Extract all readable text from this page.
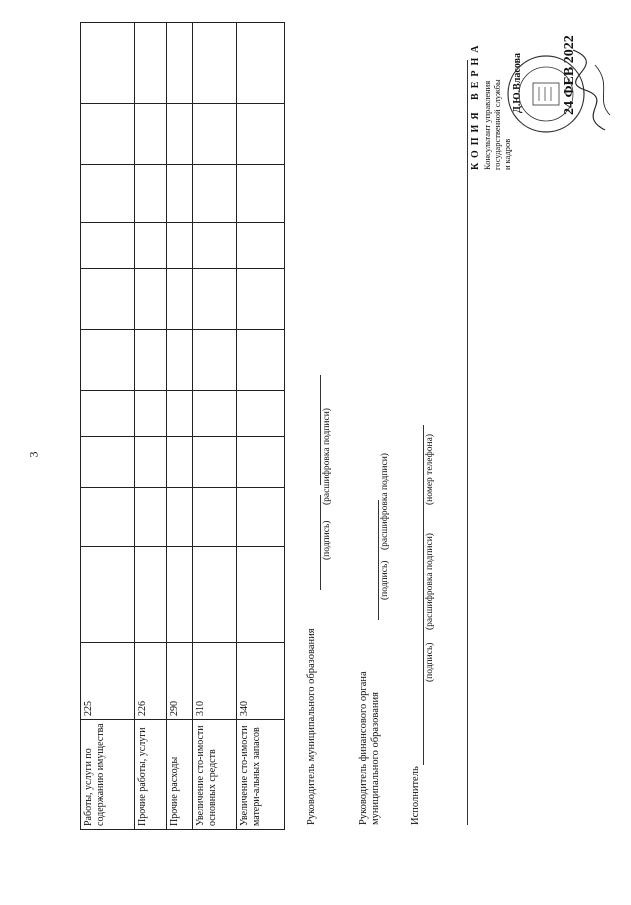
3
Работы, услуги по содержанию имущества	225										
Прочие работы, услуги	226										
Прочие расходы	290										
Увеличение сто-имости основных средств	310										
Увеличение сто-имости матери-альных запасов	340											Руководитель муниципального образования
(подпись)
(расшифровка подписи)
Руководитель финансового органа муниципального образования
(подпись)
(расшифровка подписи)
Исполнитель
(подпись)
(расшифровка подписи)
(номер телефона)
КОПИЯ ВЕРНА Консультант управления государственной службы и кадров
Д.Ю.Власова	24 ФЕВ 2022
